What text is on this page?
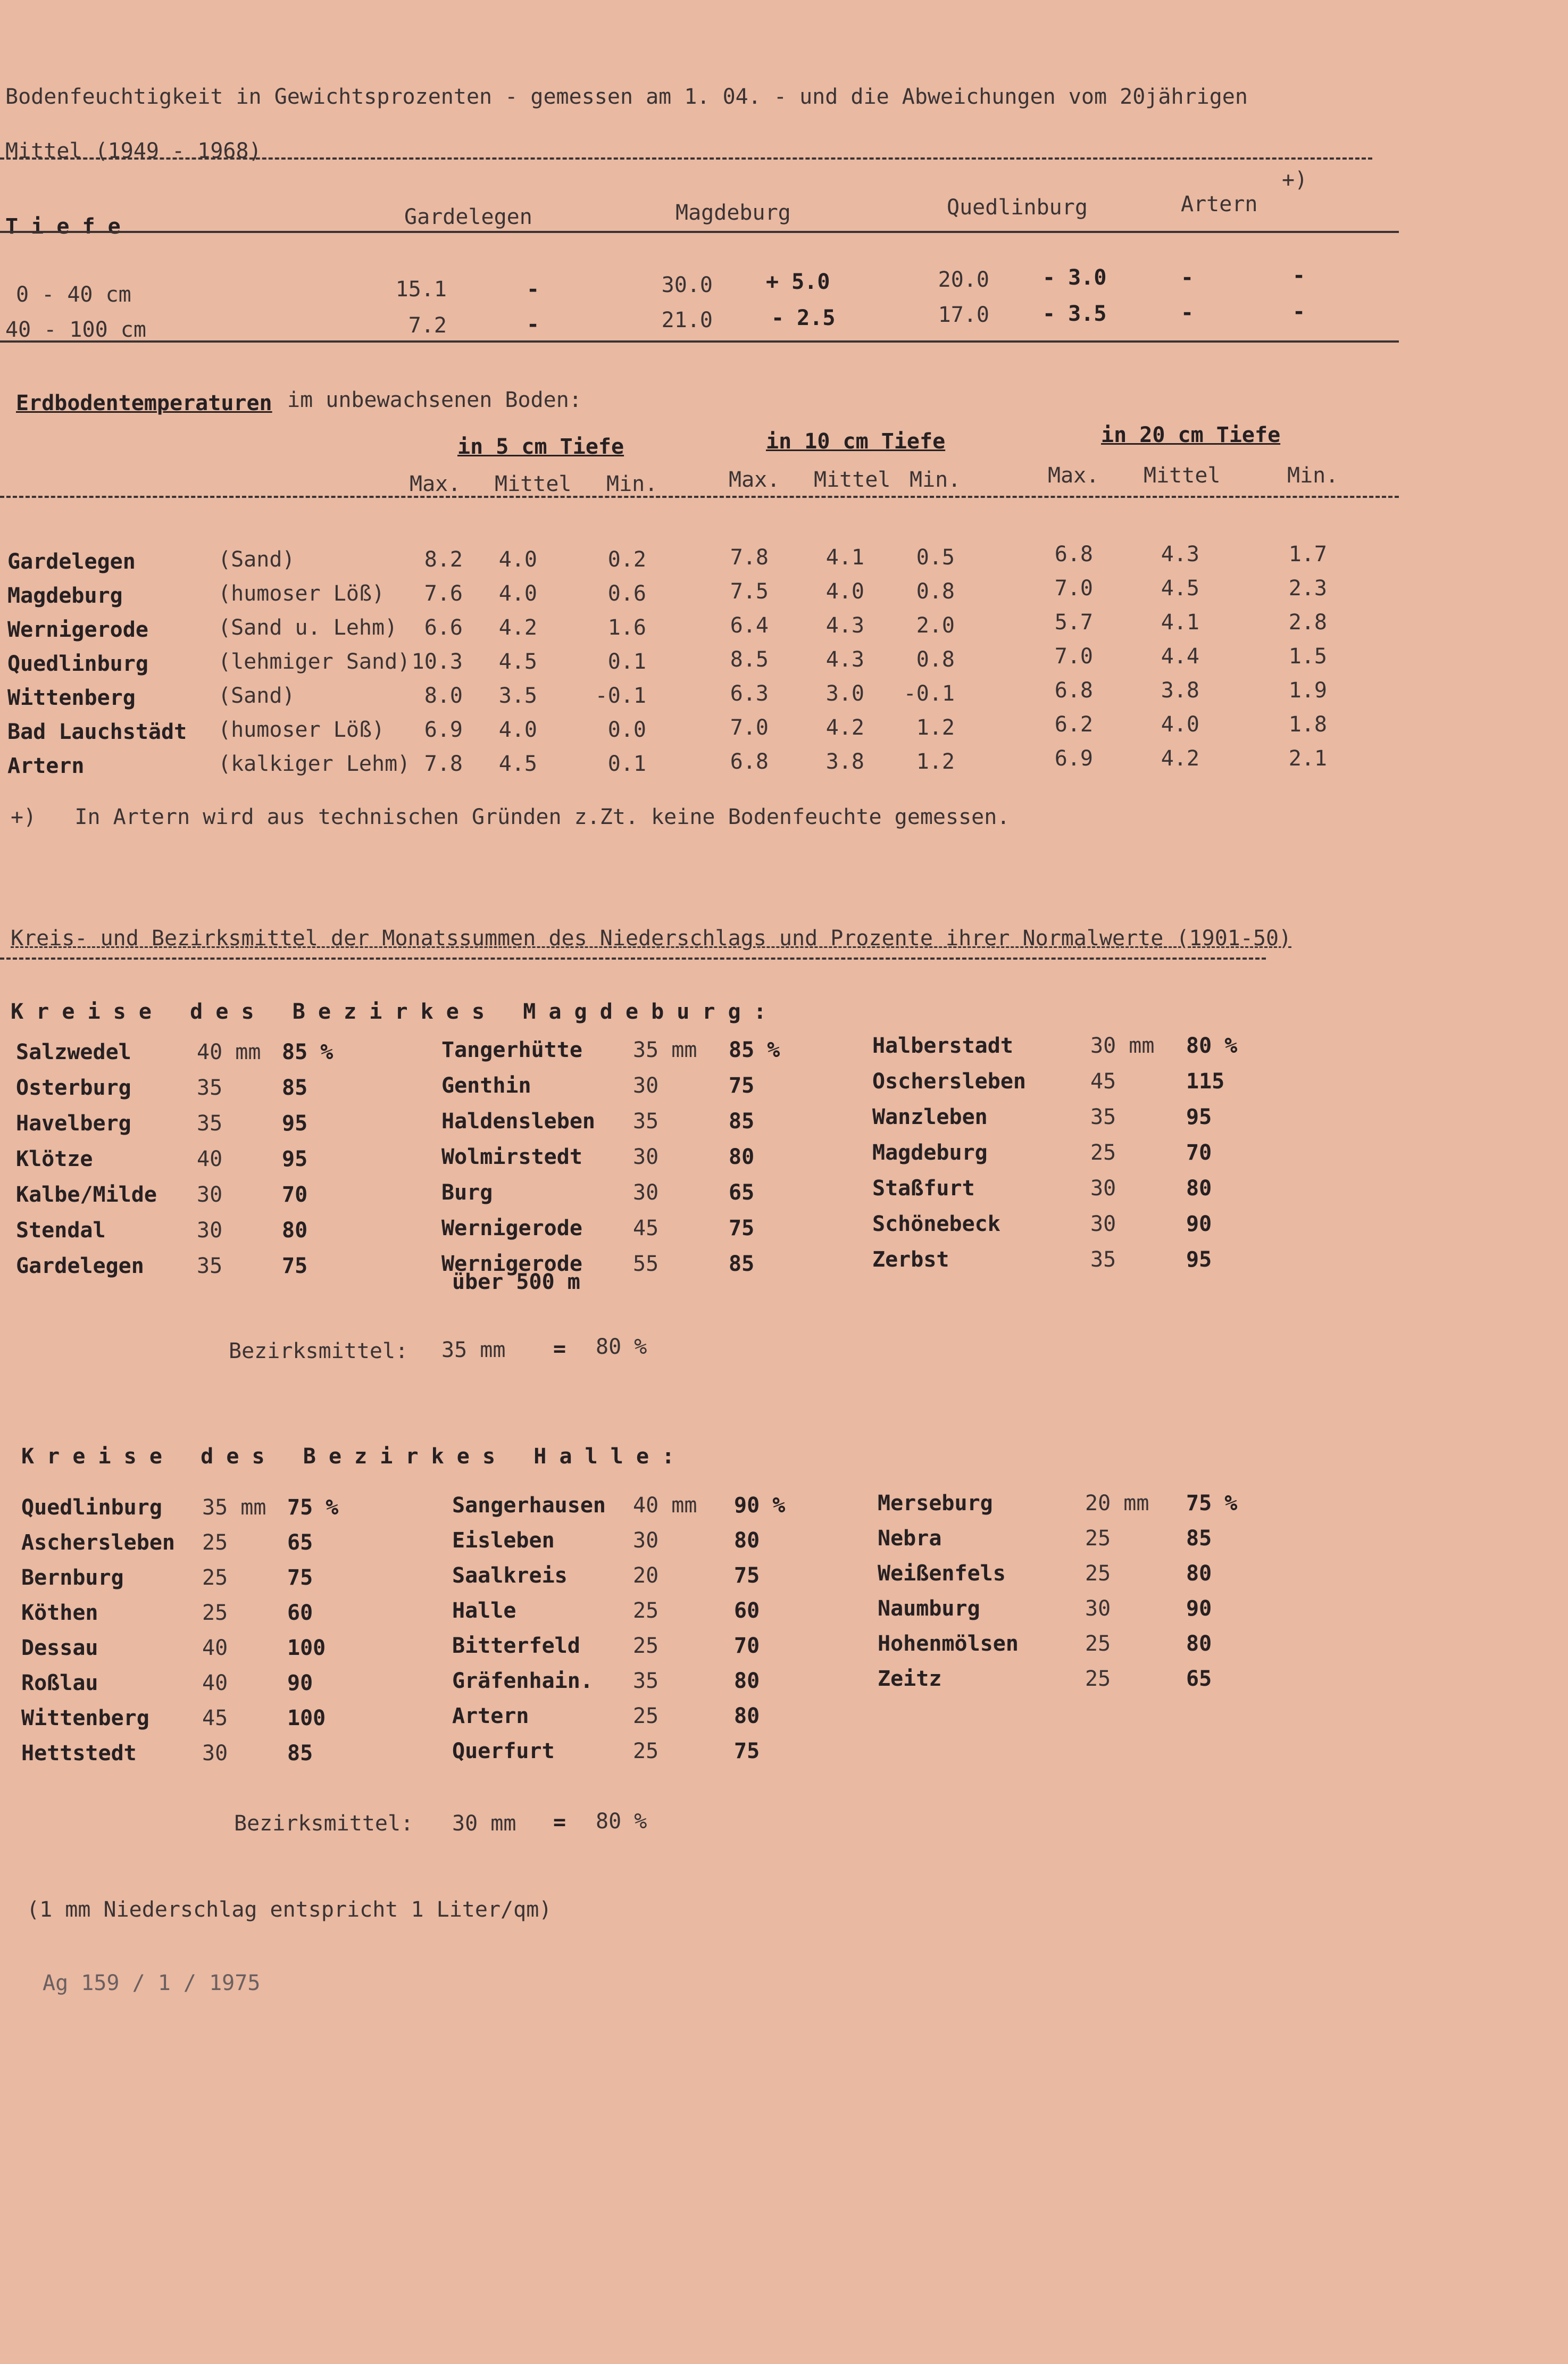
Bodenfeuchtigkeit in Gewichtsprozenten - gemessen am 1. 04. - und die Abweichungen vom 20jährigen
Mittel (1949 - 1968)
+)
T i e f e	Gardelegen	Magdeburg	Quedlinburg	Artern
0 - 40 cm	15.1	-	30.0	+ 5.0	20.0	- 3.0	-	-
40 - 100 cm	7.2	-	21.0	- 2.5	17.0	- 3.5	-	-
Erdbodentemperaturen im unbewachsenen Boden:
in 5 cm Tiefe	in 10 cm Tiefe	in 20 cm Tiefe
Max. Mittel Min.	Max. Mittel Min.	Max. Mittel	Min.
Gardelegen	(Sand)	8.2	4.0	0.2	7.8	4.1	0.5	6.8	4.3	1.7
Magdeburg	(humoser Löß)	7.6	4.0	0.6	7.5	4.0	0.8	7.0	4.5	2.3
Wernigerode	(Sand u. Lehm)	6.6	4.2	1.6	6.4	4.3	2.0	5.7	4.1	2.8
Quedlinburg	(lehmiger Sand) 10.3	4.5	0.1	8.5	4.3	0.8	7.0	4.4	1.5
Wittenberg	(Sand)	8.0	3.5	-0.1	6.3	3.0	-0.1	6.8	3.8	1.9
Bad Lauchstädt (humoser Löß)	6.9	4.0	0.0	7.0	4.2	1.2	6.2	4.0	1.8
Artern	(kalkiger Lehm) 7.8	4.5	0.1	6.8	3.8	1.2	6.9	4.2	2.1
+)   In Artern wird aus technischen Gründen z.Zt. keine Bodenfeuchte gemessen.
Kreis- und Bezirksmittel der Monatssummen des Niederschlags und Prozente ihrer Normalwerte (1901-50)
K r e i s e   d e s   B e z i r k e s   M a g d e b u r g :
Salzwedel	40 mm 85 %
Osterburg	35	85
Havelberg	35	95
Klötze	40	95
Kalbe/Milde 30	70
Stendal	30	80
Gardelegen 35	75
Tangerhütte 35 mm 85 %
Genthin	30	75
Haldensleben 35	85
Wolmirstedt 30	80
Burg	30	65
Wernigerode 45	75
Wernigerode
über 500 m
55	85
Halberstadt	30 mm 80 %
Oschersleben	45	115
Wanzleben	35	95
Magdeburg	25	70
Staßfurt	30	80
Schönebeck	30	90
Zerbst	35	95
Bezirksmittel: 35 mm = 80 %
K r e i s e   d e s   B e z i r k e s   H a l l e :
Quedlinburg 35 mm 75 %
Aschersleben 25	65
Bernburg	25	75
Köthen	25	60
Dessau	40	100
Roßlau	40	90
Wittenberg 45	100
Hettstedt	30	85
Sangerhausen 40 mm 90 %
Eisleben	30	80
Saalkreis	20	75
Halle	25	60
Bitterfeld 25	70
Gräfenhain. 35	80
Artern	25	80
Querfurt	25	75
Merseburg	20 mm 75 %
Nebra	25	85
Weißenfels	25	80
Naumburg	30	90
Hohenmölsen	25	80
Zeitz	25	65
Bezirksmittel: 30 mm = 80 %
(1 mm Niederschlag entspricht 1 Liter/qm)
Ag 159 / 1 / 1975
